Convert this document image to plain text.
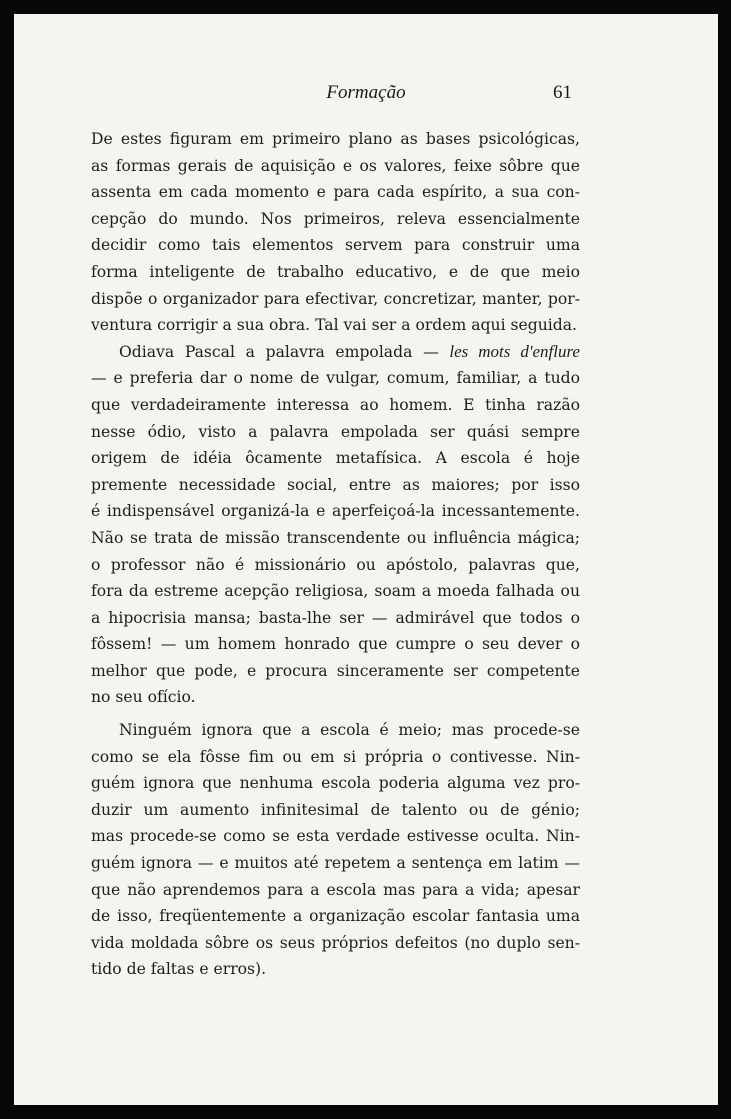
Formação	61
De estes figuram em primeiro plano as bases psicológicas,
as formas gerais de aquisição e os valores, feixe sôbre que
assenta em cada momento e para cada espírito, a sua con-
cepção do mundo. Nos primeiros, releva essencialmente
decidir como tais elementos servem para construir uma
forma inteligente de trabalho educativo, e de que meio
dispõe o organizador para efectivar, concretizar, manter, por-
ventura corrigir a sua obra. Tal vai ser a ordem aqui seguida.
Odiava Pascal a palavra empolada — les mots d'enflure
— e preferia dar o nome de vulgar, comum, familiar, a tudo
que verdadeiramente interessa ao homem. E tinha razão
nesse ódio, visto a palavra empolada ser quási sempre
origem de idéia ôcamente metafísica. A escola é hoje
premente necessidade social, entre as maiores; por isso
é indispensável organizá-la e aperfeiçoá-la incessantemente.
Não se trata de missão transcendente ou influência mágica;
o professor não é missionário ou apóstolo, palavras que,
fora da estreme acepção religiosa, soam a moeda falhada ou
a hipocrisia mansa; basta-lhe ser — admirável que todos o
fôssem! — um homem honrado que cumpre o seu dever o
melhor que pode, e procura sinceramente ser competente
no seu ofício.
Ninguém ignora que a escola é meio; mas procede-se
como se ela fôsse fim ou em si própria o contivesse. Nin-
guém ignora que nenhuma escola poderia alguma vez pro-
duzir um aumento infinitesimal de talento ou de génio;
mas procede-se como se esta verdade estivesse oculta. Nin-
guém ignora — e muitos até repetem a sentença em latim —
que não aprendemos para a escola mas para a vida; apesar
de isso, freqüentemente a organização escolar fantasia uma
vida moldada sôbre os seus próprios defeitos (no duplo sen-
tido de faltas e erros).
